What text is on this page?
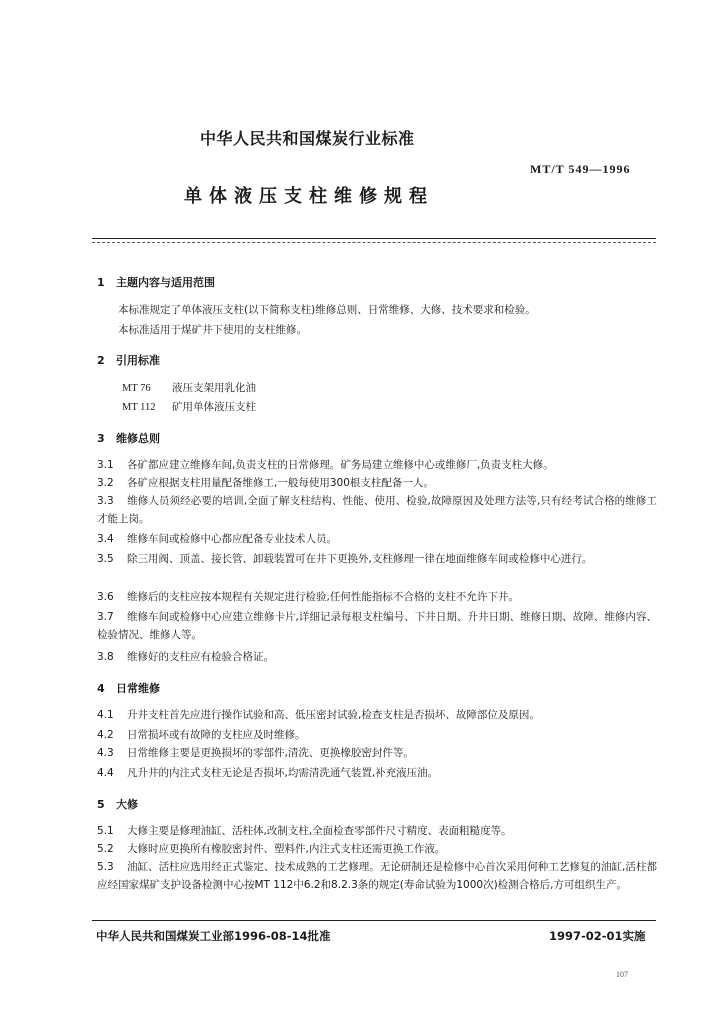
中华人民共和国煤炭行业标准
MT/T 549—1996
单体液压支柱维修规程
1 主题内容与适用范围
本标准规定了单体液压支柱(以下简称支柱)维修总则、日常维修、大修、技术要求和检验。
本标准适用于煤矿井下使用的支柱维修。
2 引用标准
MT 76 液压支架用乳化油
MT 112 矿用单体液压支柱
3 维修总则
3.1 各矿都应建立维修车间,负责支柱的日常修理。矿务局建立维修中心或维修厂,负责支柱大修。
3.2 各矿应根据支柱用量配备维修工,一般每使用300根支柱配备一人。
3.3 维修人员须经必要的培训,全面了解支柱结构、性能、使用、检验,故障原因及处理方法等,只有经考试合格的维修工才能上岗。
3.4 维修车间或检修中心都应配备专业技术人员。
3.5 除三用阀、顶盖、接长管、卸载装置可在井下更换外,支柱修理一律在地面维修车间或检修中心进行。
3.6 维修后的支柱应按本规程有关规定进行检验,任何性能指标不合格的支柱不允许下井。
3.7 维修车间或检修中心应建立维修卡片,详细记录每根支柱编号、下井日期、升井日期、维修日期、故障、维修内容、检验情况、维修人等。
3.8 维修好的支柱应有检验合格证。
4 日常维修
4.1 升井支柱首先应进行操作试验和高、低压密封试验,检查支柱是否损坏、故障部位及原因。
4.2 日常损坏或有故障的支柱应及时维修。
4.3 日常维修主要是更换损坏的零部件,清洗、更换橡胶密封件等。
4.4 凡升井的内注式支柱无论是否损坏,均需清洗通气装置,补充液压油。
5 大修
5.1 大修主要是修理油缸、活柱体,改制支柱,全面检查零部件尺寸精度、表面粗糙度等。
5.2 大修时应更换所有橡胶密封件、塑料件,内注式支柱还需更换工作液。
5.3 油缸、活柱应选用经正式鉴定、技术成熟的工艺修理。无论研制还是检修中心首次采用何种工艺修复的油缸,活柱都应经国家煤矿支护设备检测中心按MT 112中6.2和8.2.3条的规定(寿命试验为1000次)检测合格后,方可组织生产。
中华人民共和国煤炭工业部1996-08-14批准	1997-02-01实施
107
